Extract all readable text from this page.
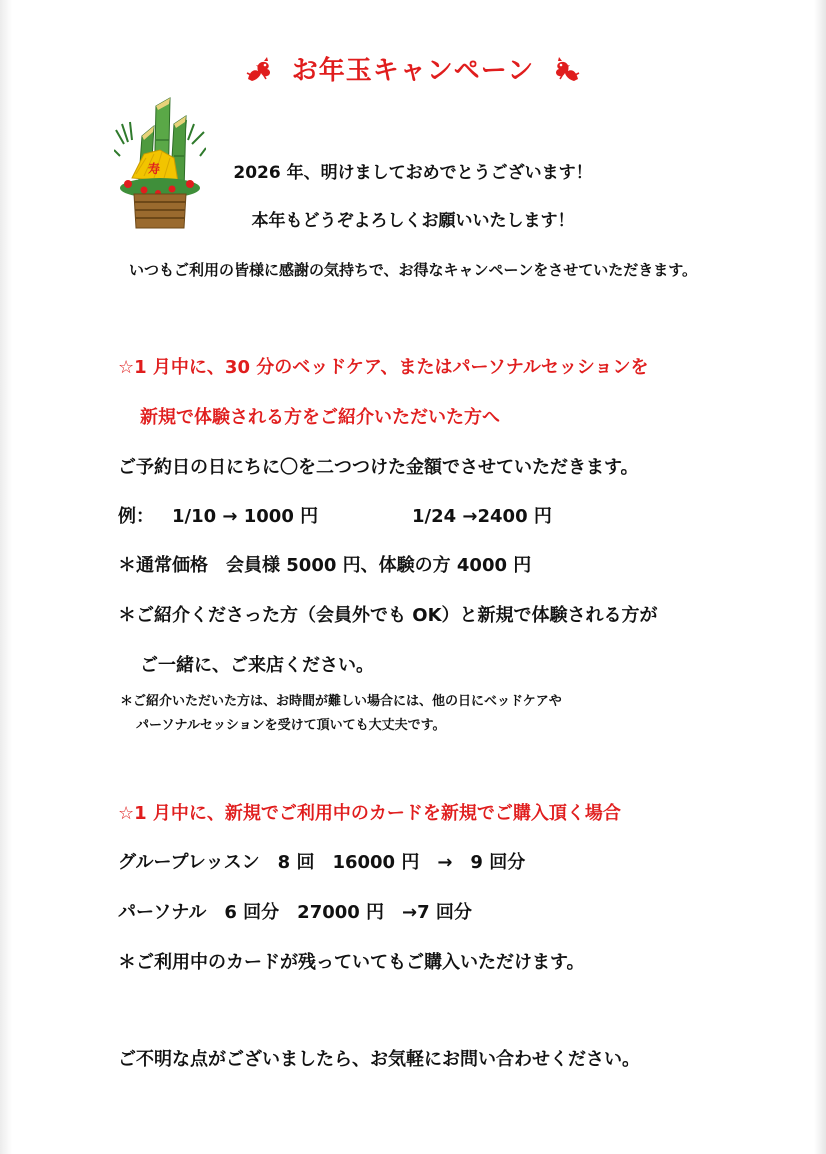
お年玉キャンペーン
寿	2026 年、明けましておめでとうございます！
本年もどうぞよろしくお願いいたします！
いつもご利用の皆様に感謝の気持ちで、お得なキャンペーンをさせていただきます。
☆1 月中に、30 分のベッドケア、またはパーソナルセッションを
新規で体験される方をご紹介いただいた方へ
ご予約日の日にちに〇を二つつけた金額でさせていただきます。
例： 1/10 → 1000 円	1/24 →2400 円
＊通常価格　会員様 5000 円、体験の方 4000 円
＊ご紹介くださった方（会員外でも OK）と新規で体験される方が
ご一緒に、ご来店ください。
＊ご紹介いただいた方は、お時間が難しい場合には、他の日にベッドケアや
パーソナルセッションを受けて頂いても大丈夫です。
☆1 月中に、新規でご利用中のカードを新規でご購入頂く場合
グループレッスン　8 回　16000 円　→　9 回分
パーソナル　6 回分　27000 円　→7 回分
＊ご利用中のカードが残っていてもご購入いただけます。
ご不明な点がございましたら、お気軽にお問い合わせください。
